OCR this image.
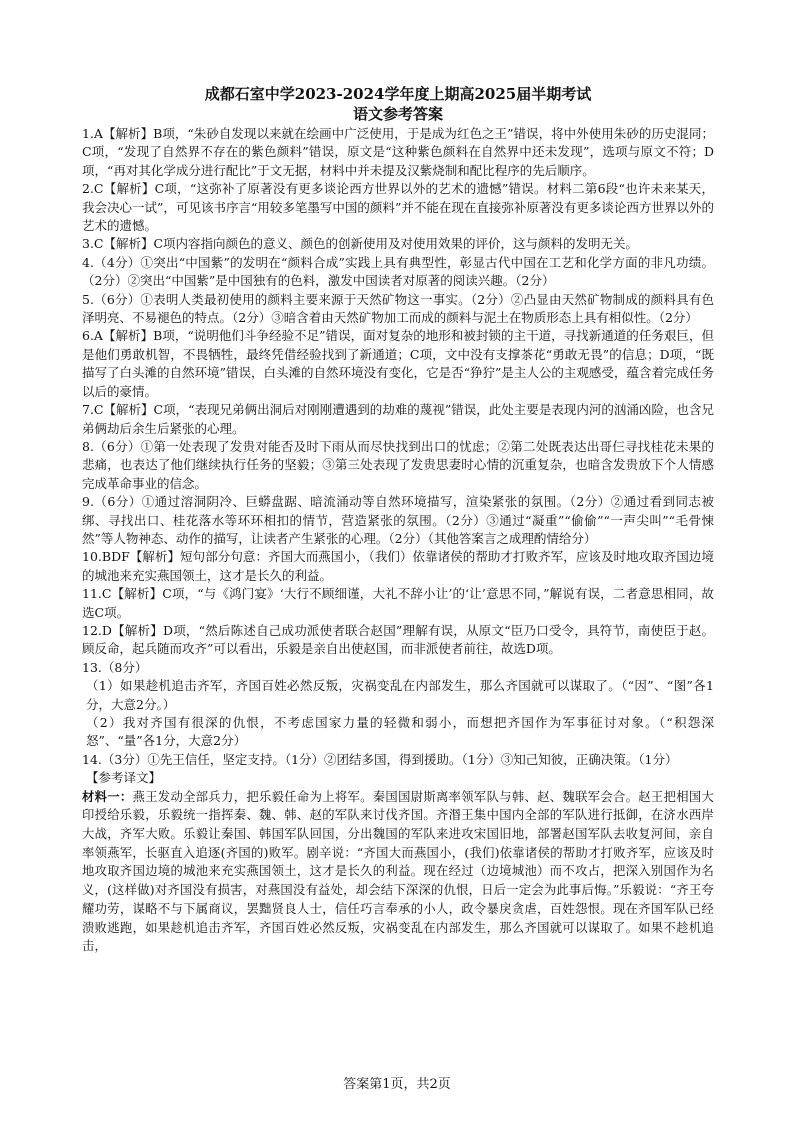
成都石室中学2023-2024学年度上期高2025届半期考试
语文参考答案

1.A【解析】B项，“朱砂自发现以来就在绘画中广泛使用，于是成为红色之王”错误，将中外使用朱砂的历史混同；C项，“发现了自然界不存在的紫色颜料”错误，原文是“这种紫色颜料在自然界中还未发现”，选项与原文不符；D项，“再对其化学成分进行配比”于文无据，材料中并未提及汉紫烧制和配比程序的先后顺序。

2.C【解析】C项，“这弥补了原著没有更多谈论西方世界以外的艺术的遗憾”错误。材料二第6段“也许未来某天，我会决心一试”，可见该书序言“用较多笔墨写中国的颜料”并不能在现在直接弥补原著没有更多谈论西方世界以外的艺术的遗憾。

3.C【解析】C项内容指向颜色的意义、颜色的创新使用及对使用效果的评价，这与颜料的发明无关。

4.（4分）①突出“中国紫”的发明在“颜料合成”实践上具有典型性，彰显古代中国在工艺和化学方面的非凡功绩。（2分）②突出“中国紫”是中国独有的色料，激发中国读者对原著的阅读兴趣。（2分）

5.（6分）①表明人类最初使用的颜料主要来源于天然矿物这一事实。（2分）②凸显由天然矿物制成的颜料具有色泽明亮、不易褪色的特点。（2分）③暗含着由天然矿物加工而成的颜料与泥土在物质形态上具有相似性。（2分）

6.A【解析】B项，“说明他们斗争经验不足”错误，面对复杂的地形和被封锁的主干道，寻找新通道的任务艰巨，但是他们勇敢机智，不畏牺牲，最终凭借经验找到了新通道；C项，文中没有支撑茶花“勇敢无畏”的信息；D项，“既描写了白头滩的自然环境”错误，白头滩的自然环境没有变化，它是否“狰狞”是主人公的主观感受，蕴含着完成任务以后的豪情。

7.C【解析】C项，“表现兄弟俩出洞后对刚刚遭遇到的劫难的蔑视”错误，此处主要是表现内河的汹涌凶险，也含兄弟俩劫后余生后紧张的心理。

8.（6分）①第一处表现了发贵对能否及时下雨从而尽快找到出口的忧虑；②第二处既表达出哥仨寻找桂花未果的悲痛，也表达了他们继续执行任务的坚毅；③第三处表现了发贵思妻时心情的沉重复杂，也暗含发贵放下个人情感完成革命事业的信念。

9.（6分）①通过溶洞阴冷、巨蟒盘踞、暗流涌动等自然环境描写，渲染紧张的氛围。（2分）②通过看到同志被绑、寻找出口、桂花落水等环环相扣的情节，营造紧张的氛围。（2分）③通过“凝重”“偷偷”“一声尖叫”“毛骨悚然”等人物神态、动作的描写，让读者产生紧张的心理。（2分）（其他答案言之成理酌情给分）

10.BDF【解析】短句部分句意：齐国大而燕国小，（我们）依靠诸侯的帮助才打败齐军，应该及时地攻取齐国边境的城池来充实燕国领土，这才是长久的利益。

11.C【解析】C项，“与《鸿门宴》‘大行不顾细谨，大礼不辞小让’的‘让’意思不同，”解说有误，二者意思相同，故选C项。

12.D【解析】D项，“然后陈述自己成功派使者联合赵国”理解有误，从原文“臣乃口受令，具符节，南使臣于赵。顾反命，起兵随而攻齐”可以看出，乐毅是亲自出使赵国，而非派使者前往，故选D项。

13.（8分）

（1）如果趁机追击齐军，齐国百姓必然反叛，灾祸变乱在内部发生，那么齐国就可以谋取了。（“因”、“图”各1分，大意2分。）

（2）我对齐国有很深的仇恨，不考虑国家力量的轻微和弱小，而想把齐国作为军事征讨对象。（“积怨深怒”、“量”各1分，大意2分）

14.（3分）①先王信任，坚定支持。（1分）②团结多国，得到援助。（1分）③知己知彼，正确决策。（1分）

【参考译文】

材料一：燕王发动全部兵力，把乐毅任命为上将军。秦国国尉斯离率领军队与韩、赵、魏联军会合。赵王把相国大印授给乐毅，乐毅统一指挥秦、魏、韩、赵的军队来讨伐齐国。齐湣王集中国内全部的军队进行抵御，在济水西岸大战，齐军大败。乐毅让秦国、韩国军队回国，分出魏国的军队来进攻宋国旧地，部署赵国军队去收复河间，亲自率领燕军，长驱直入追逐(齐国的)败军。剧辛说：“齐国大而燕国小，(我们)依靠诸侯的帮助才打败齐军，应该及时地攻取齐国边境的城池来充实燕国领土，这才是长久的利益。现在经过（边境城池）而不攻占，把深入别国作为名义，(这样做)对齐国没有损害，对燕国没有益处，却会结下深深的仇恨，日后一定会为此事后悔。”乐毅说：“齐王夸耀功劳，谋略不与下属商议，罢黜贤良人士，信任巧言奉承的小人，政令暴戾贪虐，百姓怨恨。现在齐国军队已经溃败逃跑，如果趁机追击齐军，齐国百姓必然反叛，灾祸变乱在内部发生，那么齐国就可以谋取了。如果不趁机追击，

答案第1页，共2页
